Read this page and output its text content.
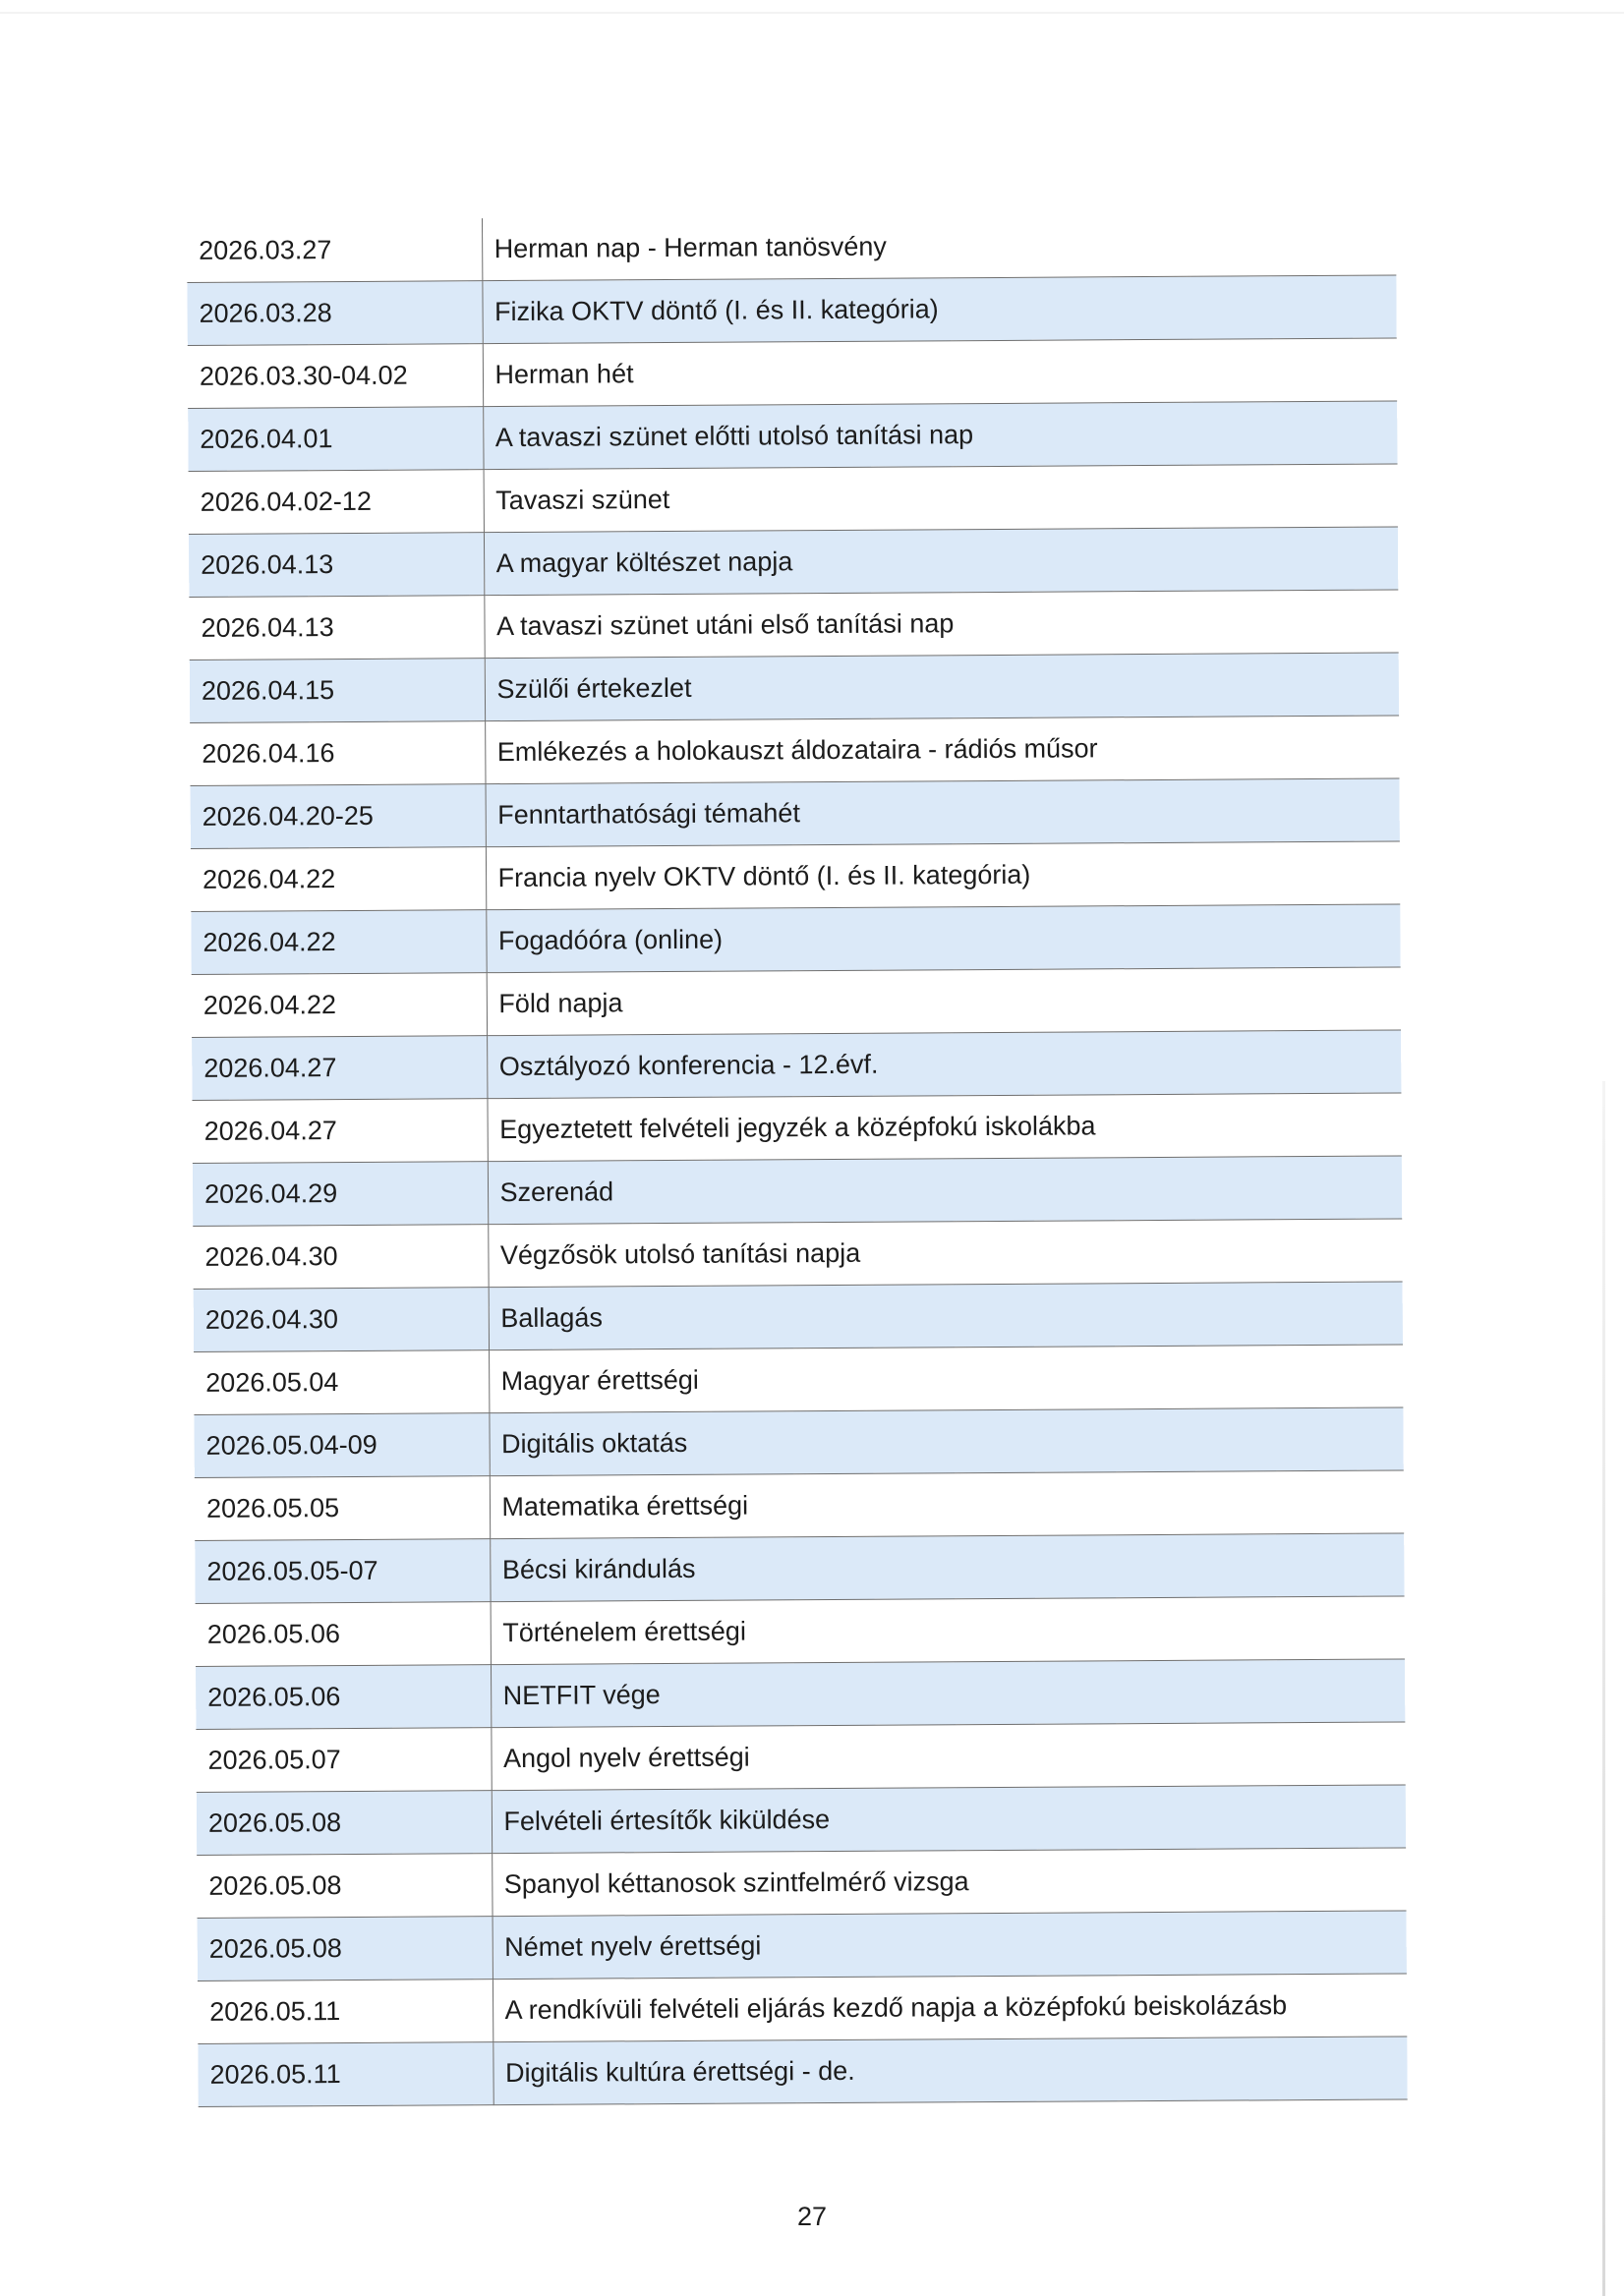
2026.03.27	Herman nap - Herman tanösvény
2026.03.28	Fizika OKTV döntő (I. és II. kategória)
2026.03.30-04.02	Herman hét
2026.04.01	A tavaszi szünet előtti utolsó tanítási nap
2026.04.02-12	Tavaszi szünet
2026.04.13	A magyar költészet napja
2026.04.13	A tavaszi szünet utáni első tanítási nap
2026.04.15	Szülői értekezlet
2026.04.16	Emlékezés a holokauszt áldozataira - rádiós műsor
2026.04.20-25	Fenntarthatósági témahét
2026.04.22	Francia nyelv OKTV döntő (I. és II. kategória)
2026.04.22	Fogadóóra (online)
2026.04.22	Föld napja
2026.04.27	Osztályozó konferencia - 12.évf.
2026.04.27	Egyeztetett felvételi jegyzék a középfokú iskolákba
2026.04.29	Szerenád
2026.04.30	Végzősök utolsó tanítási napja
2026.04.30	Ballagás
2026.05.04	Magyar érettségi
2026.05.04-09	Digitális oktatás
2026.05.05	Matematika érettségi
2026.05.05-07	Bécsi kirándulás
2026.05.06	Történelem érettségi
2026.05.06	NETFIT vége
2026.05.07	Angol nyelv érettségi
2026.05.08	Felvételi értesítők kiküldése
2026.05.08	Spanyol kéttanosok szintfelmérő vizsga
2026.05.08	Német nyelv érettségi
2026.05.11	A rendkívüli felvételi eljárás kezdő napja a középfokú beiskolázásb
2026.05.11	Digitális kultúra érettségi - de.
27
